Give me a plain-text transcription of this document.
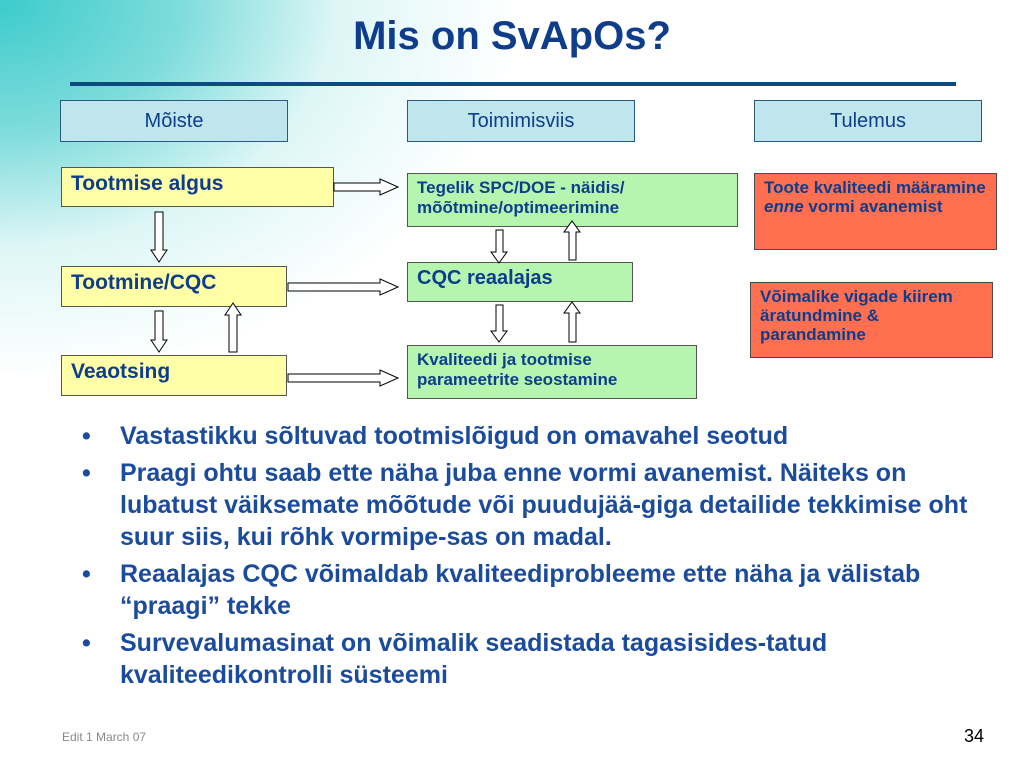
Mis on SvApOs?
Mõiste	Toimimisviis	Tulemus
Tootmise algus
Tootmine/CQC
Veaotsing
Tegelik SPC/DOE - näidis/ mõõtmine/optimeerimine
CQC reaalajas
Kvaliteedi ja tootmise parameetrite seostamine
Toote kvaliteedi määramine enne vormi avanemist
Võimalike vigade kiirem äratundmine & parandamine
• Vastastikku sõltuvad tootmislõigud on omavahel seotud
• Praagi ohtu saab ette näha juba enne vormi avanemist. Näiteks on lubatust väiksemate mõõtude või puudujää-giga detailide tekkimise oht suur siis, kui rõhk vormipe-sas on madal.
• Reaalajas CQC võimaldab kvaliteediprobleeme ette näha ja välistab “praagi” tekke
• Survevalumasinat on võimalik seadistada tagasisides-tatud kvaliteedikontrolli süsteemi
Edit 1 March 07	34
